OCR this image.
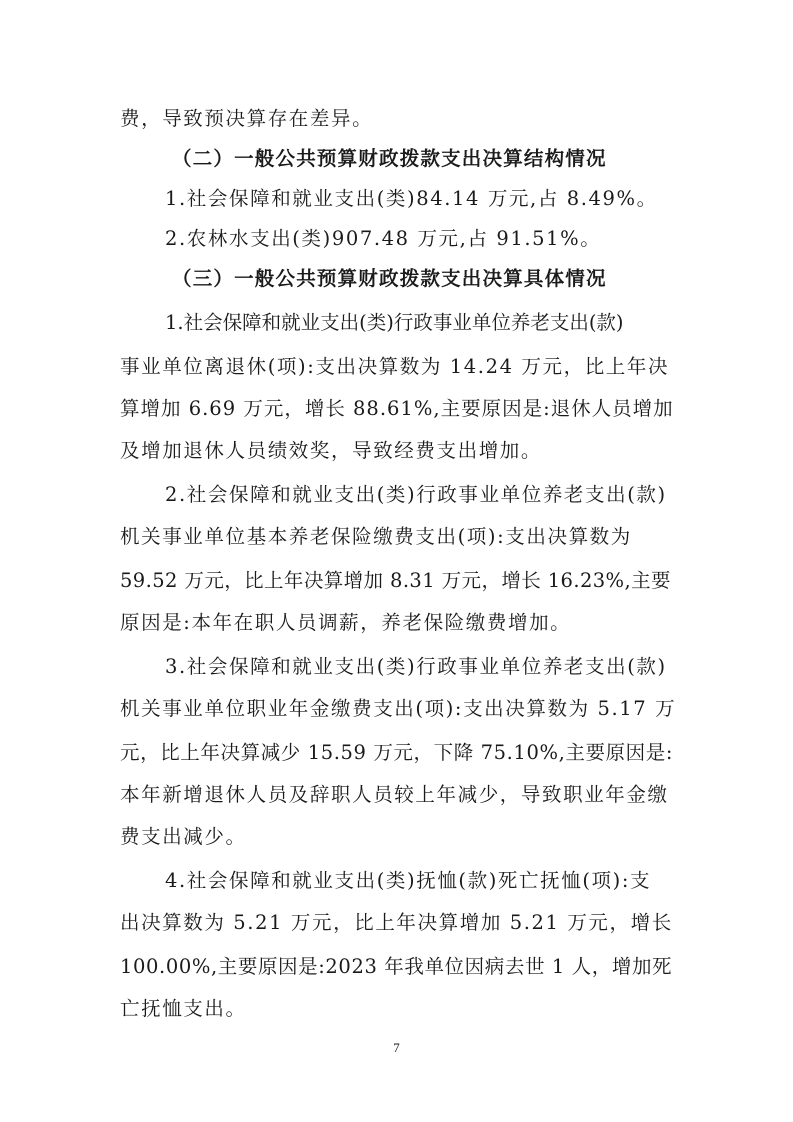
费，导致预决算存在差异。
（二）一般公共预算财政拨款支出决算结构情况
1.社会保障和就业支出(类)84.14 万元,占 8.49%。
2.农林水支出(类)907.48 万元,占 91.51%。
（三）一般公共预算财政拨款支出决算具体情况
1.社会保障和就业支出(类)行政事业单位养老支出(款)
事业单位离退休(项):支出决算数为 14.24 万元，比上年决
算增加 6.69 万元，增长 88.61%,主要原因是:退休人员增加
及增加退休人员绩效奖，导致经费支出增加。
2.社会保障和就业支出(类)行政事业单位养老支出(款)
机关事业单位基本养老保险缴费支出(项):支出决算数为
59.52 万元，比上年决算增加 8.31 万元，增长 16.23%,主要
原因是:本年在职人员调薪，养老保险缴费增加。
3.社会保障和就业支出(类)行政事业单位养老支出(款)
机关事业单位职业年金缴费支出(项):支出决算数为 5.17 万
元，比上年决算减少 15.59 万元，下降 75.10%,主要原因是:
本年新增退休人员及辞职人员较上年减少，导致职业年金缴
费支出减少。
4.社会保障和就业支出(类)抚恤(款)死亡抚恤(项):支
出决算数为 5.21 万元，比上年决算增加 5.21 万元，增长
100.00%,主要原因是:2023 年我单位因病去世 1 人，增加死
亡抚恤支出。
7
